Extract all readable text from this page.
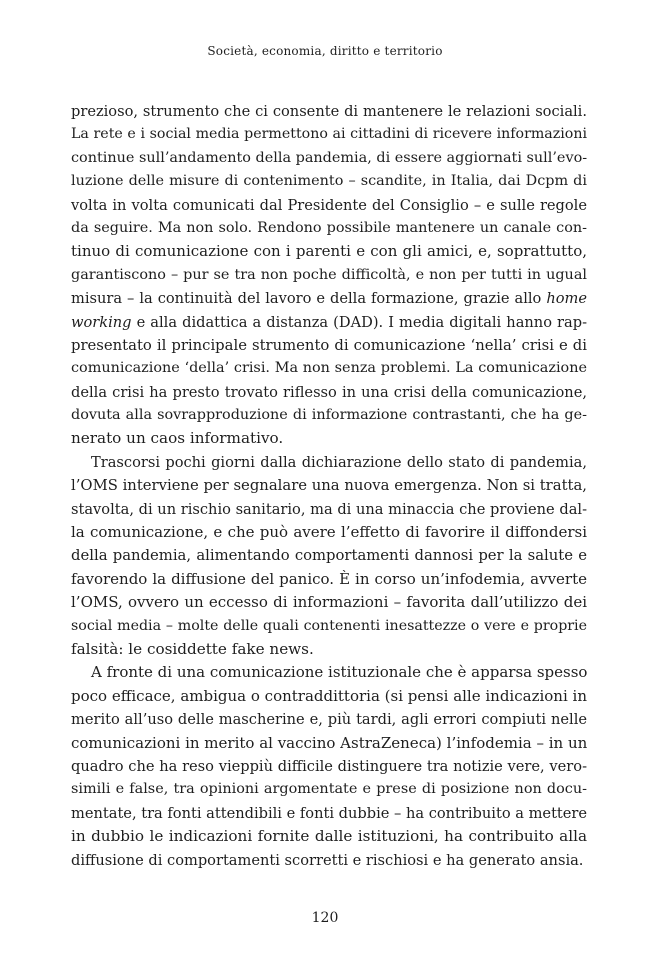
Società, economia, diritto e territorio
prezioso, strumento che ci consente di mantenere le relazioni sociali.
La rete e i social media permettono ai cittadini di ricevere informazioni
continue sull’andamento della pandemia, di essere aggiornati sull’evo-
luzione delle misure di contenimento – scandite, in Italia, dai Dcpm di
volta in volta comunicati dal Presidente del Consiglio – e sulle regole
da seguire. Ma non solo. Rendono possibile mantenere un canale con-
tinuo di comunicazione con i parenti e con gli amici, e, soprattutto,
garantiscono – pur se tra non poche difficoltà, e non per tutti in ugual
misura – la continuità del lavoro e della formazione, grazie allo home
working e alla didattica a distanza (DAD). I media digitali hanno rap-
presentato il principale strumento di comunicazione ‘nella’ crisi e di
comunicazione ‘della’ crisi. Ma non senza problemi. La comunicazione
della crisi ha presto trovato riflesso in una crisi della comunicazione,
dovuta alla sovrapproduzione di informazione contrastanti, che ha ge-
nerato un caos informativo.
Trascorsi pochi giorni dalla dichiarazione dello stato di pandemia,
l’OMS interviene per segnalare una nuova emergenza. Non si tratta,
stavolta, di un rischio sanitario, ma di una minaccia che proviene dal-
la comunicazione, e che può avere l’effetto di favorire il diffondersi
della pandemia, alimentando comportamenti dannosi per la salute e
favorendo la diffusione del panico. È in corso un’infodemia, avverte
l’OMS, ovvero un eccesso di informazioni – favorita dall’utilizzo dei
social media – molte delle quali contenenti inesattezze o vere e proprie
falsità: le cosiddette fake news.
A fronte di una comunicazione istituzionale che è apparsa spesso
poco efficace, ambigua o contraddittoria (si pensi alle indicazioni in
merito all’uso delle mascherine e, più tardi, agli errori compiuti nelle
comunicazioni in merito al vaccino AstraZeneca) l’infodemia – in un
quadro che ha reso vieppiù difficile distinguere tra notizie vere, vero-
simili e false, tra opinioni argomentate e prese di posizione non docu-
mentate, tra fonti attendibili e fonti dubbie – ha contribuito a mettere
in dubbio le indicazioni fornite dalle istituzioni, ha contribuito alla
diffusione di comportamenti scorretti e rischiosi e ha generato ansia.
120
